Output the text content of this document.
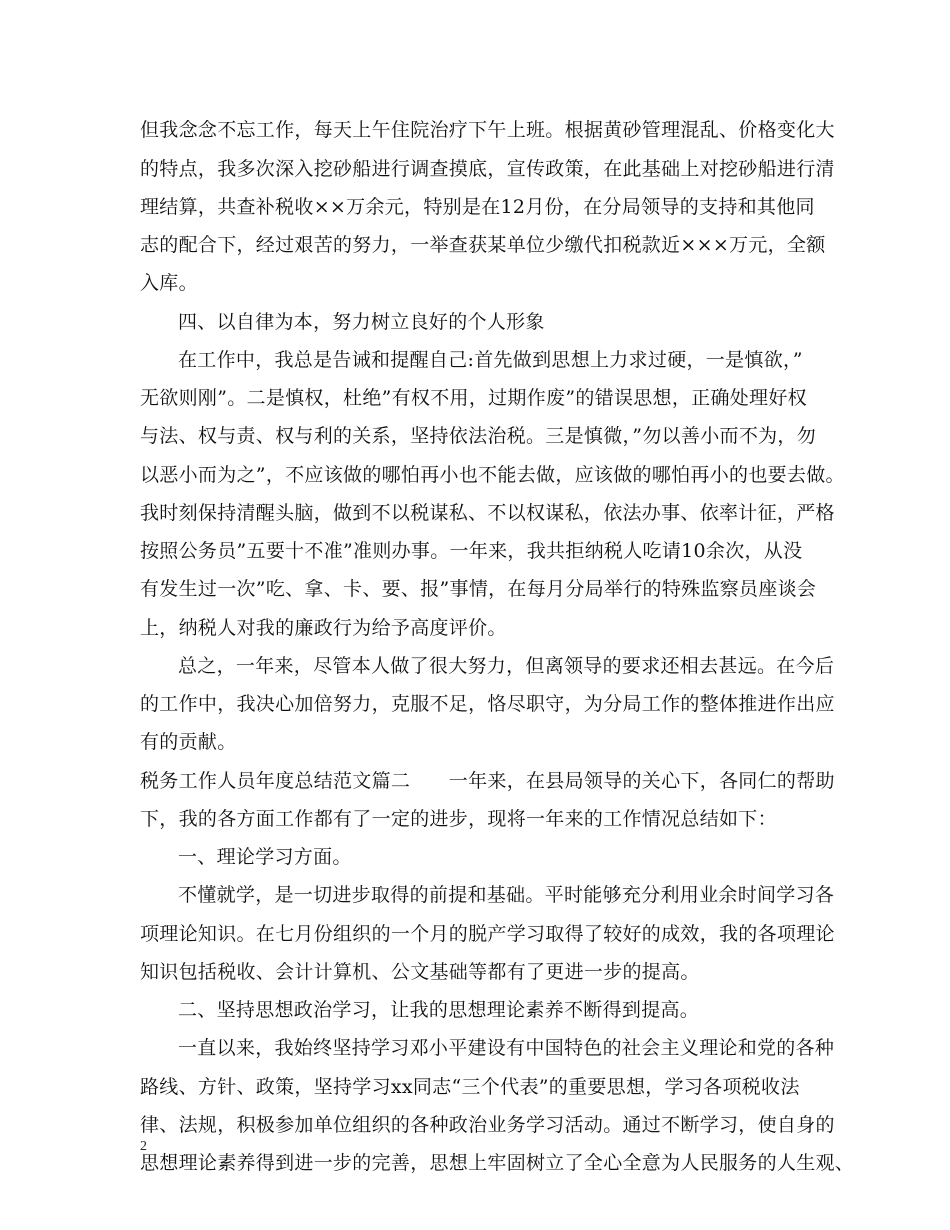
但我念念不忘工作，每天上午住院治疗下午上班。根据黄砂管理混乱、价格变化大
的特点，我多次深入挖砂船进行调查摸底，宣传政策，在此基础上对挖砂船进行清
理结算，共查补税收××万余元，特别是在12月份，在分局领导的支持和其他同
志的配合下，经过艰苦的努力，一举查获某单位少缴代扣税款近×××万元，全额
入库。
四、以自律为本，努力树立良好的个人形象
在工作中，我总是告诫和提醒自己:首先做到思想上力求过硬，一是慎欲，”
无欲则刚”。二是慎权，杜绝”有权不用，过期作废”的错误思想，正确处理好权
与法、权与责、权与利的关系，坚持依法治税。三是慎微，”勿以善小而不为，勿
以恶小而为之”，不应该做的哪怕再小也不能去做，应该做的哪怕再小的也要去做。
我时刻保持清醒头脑，做到不以税谋私、不以权谋私，依法办事、依率计征，严格
按照公务员”五要十不准”准则办事。一年来，我共拒纳税人吃请10余次，从没
有发生过一次”吃、拿、卡、要、报”事情，在每月分局举行的特殊监察员座谈会
上，纳税人对我的廉政行为给予高度评价。
总之，一年来，尽管本人做了很大努力，但离领导的要求还相去甚远。在今后
的工作中，我决心加倍努力，克服不足，恪尽职守，为分局工作的整体推进作出应
有的贡献。
税务工作人员年度总结范文篇二　　一年来，在县局领导的关心下，各同仁的帮助
下，我的各方面工作都有了一定的进步，现将一年来的工作情况总结如下：
一、理论学习方面。
不懂就学，是一切进步取得的前提和基础。平时能够充分利用业余时间学习各
项理论知识。在七月份组织的一个月的脱产学习取得了较好的成效，我的各项理论
知识包括税收、会计计算机、公文基础等都有了更进一步的提高。
二、坚持思想政治学习，让我的思想理论素养不断得到提高。
一直以来，我始终坚持学习邓小平建设有中国特色的社会主义理论和党的各种
路线、方针、政策，坚持学习xx同志“三个代表”的重要思想，学习各项税收法
律、法规，积极参加单位组织的各种政治业务学习活动。通过不断学习，使自身的
思想理论素养得到进一步的完善，思想上牢固树立了全心全意为人民服务的人生观、
2
